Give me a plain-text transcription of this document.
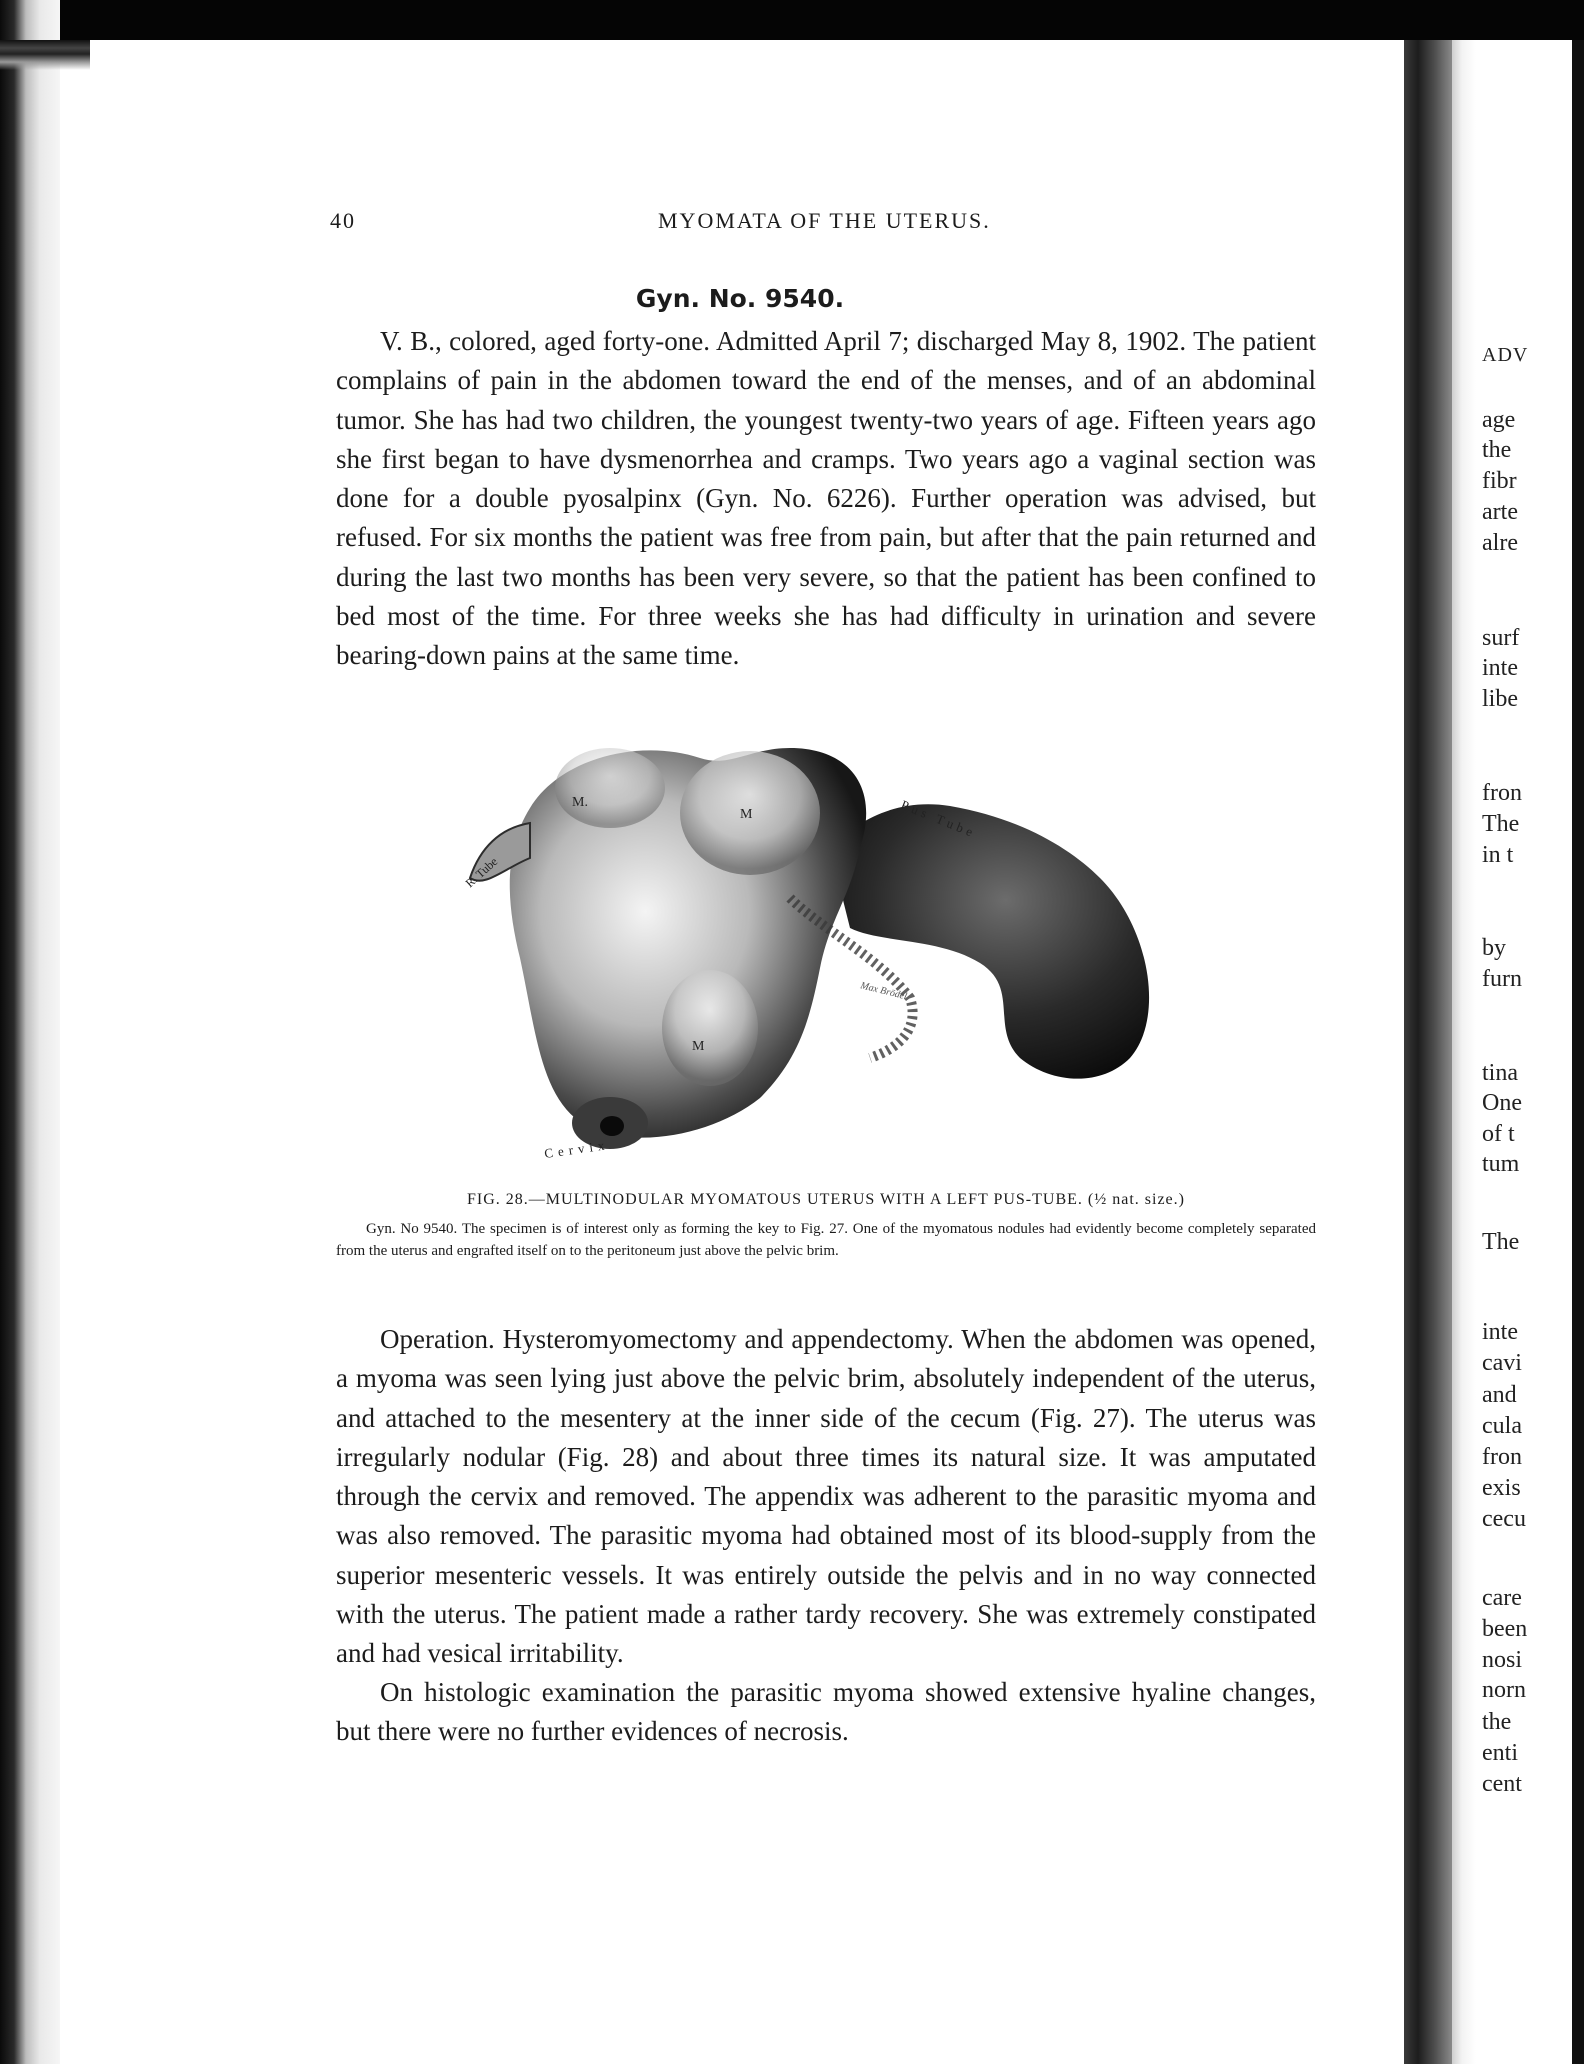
ADV
age
the
fibr
arte
alre
surf
inte
libe
fron
The
in t
by
furn
tina
One
of t
tum
The
inte
cavi
and
cula
fron
exis
cecu
care
been
nosi
norn
the
enti
cent
40	MYOMATA OF THE UTERUS.
Gyn. No. 9540.
V. B., colored, aged forty-one. Admitted April 7; discharged May 8, 1902. The patient complains of pain in the abdomen toward the end of the menses, and of an abdominal tumor. She has had two children, the youngest twenty-two years of age. Fifteen years ago she first began to have dysmenorrhea and cramps. Two years ago a vaginal section was done for a double pyosalpinx (Gyn. No. 6226). Further operation was advised, but refused. For six months the patient was free from pain, but after that the pain returned and during the last two months has been very severe, so that the patient has been confined to bed most of the time. For three weeks she has had difficulty in urination and severe bearing-down pains at the same time.
M.
M
M
R. Tube
Pus Tube
Cervix
Max Brödel
FIG. 28.—MULTINODULAR MYOMATOUS UTERUS WITH A LEFT PUS-TUBE. (½ nat. size.)
Gyn. No 9540. The specimen is of interest only as forming the key to Fig. 27. One of the myomatous nodules had evidently become completely separated from the uterus and engrafted itself on to the peritoneum just above the pelvic brim.
Operation. Hysteromyomectomy and appendectomy. When the abdomen was opened, a myoma was seen lying just above the pelvic brim, absolutely independent of the uterus, and attached to the mesentery at the inner side of the cecum (Fig. 27). The uterus was irregularly nodular (Fig. 28) and about three times its natural size. It was amputated through the cervix and removed. The appendix was adherent to the parasitic myoma and was also removed. The parasitic myoma had obtained most of its blood-supply from the superior mesenteric vessels. It was entirely outside the pelvis and in no way connected with the uterus. The patient made a rather tardy recovery. She was extremely constipated and had vesical irritability.
On histologic examination the parasitic myoma showed extensive hyaline changes, but there were no further evidences of necrosis.
